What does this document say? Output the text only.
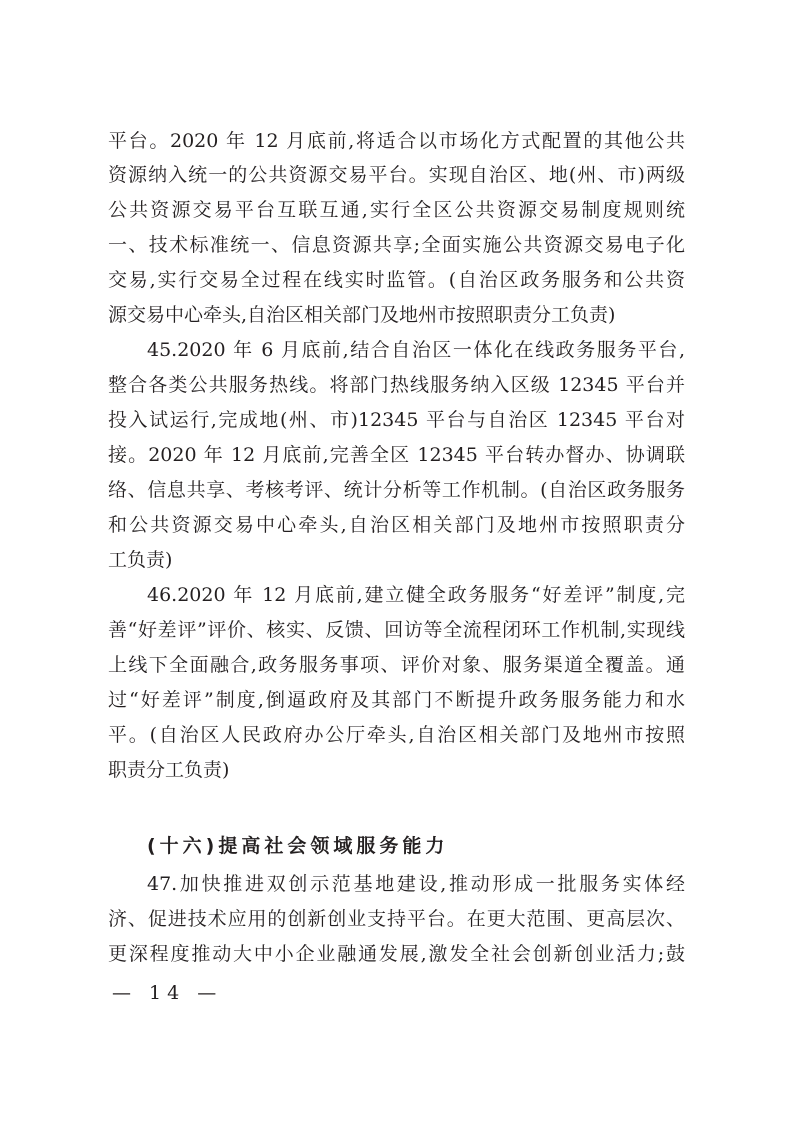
平台。2020 年 12 月底前,将适合以市场化方式配置的其他公共
资源纳入统一的公共资源交易平台。实现自治区、地(州、市)两级
公共资源交易平台互联互通,实行全区公共资源交易制度规则统
一、技术标准统一、信息资源共享;全面实施公共资源交易电子化
交易,实行交易全过程在线实时监管。(自治区政务服务和公共资
源交易中心牵头,自治区相关部门及地州市按照职责分工负责)
45.2020 年 6 月底前,结合自治区一体化在线政务服务平台,
整合各类公共服务热线。将部门热线服务纳入区级 12345 平台并
投入试运行,完成地(州、市)12345 平台与自治区 12345 平台对
接。2020 年 12 月底前,完善全区 12345 平台转办督办、协调联
络、信息共享、考核考评、统计分析等工作机制。(自治区政务服务
和公共资源交易中心牵头,自治区相关部门及地州市按照职责分
工负责)
46.2020 年 12 月底前,建立健全政务服务“好差评”制度,完
善“好差评”评价、核实、反馈、回访等全流程闭环工作机制,实现线
上线下全面融合,政务服务事项、评价对象、服务渠道全覆盖。通
过“好差评”制度,倒逼政府及其部门不断提升政务服务能力和水
平。(自治区人民政府办公厅牵头,自治区相关部门及地州市按照
职责分工负责)
(十六)提高社会领域服务能力
47.加快推进双创示范基地建设,推动形成一批服务实体经
济、促进技术应用的创新创业支持平台。在更大范围、更高层次、
更深程度推动大中小企业融通发展,激发全社会创新创业活力;鼓
— 14 —
